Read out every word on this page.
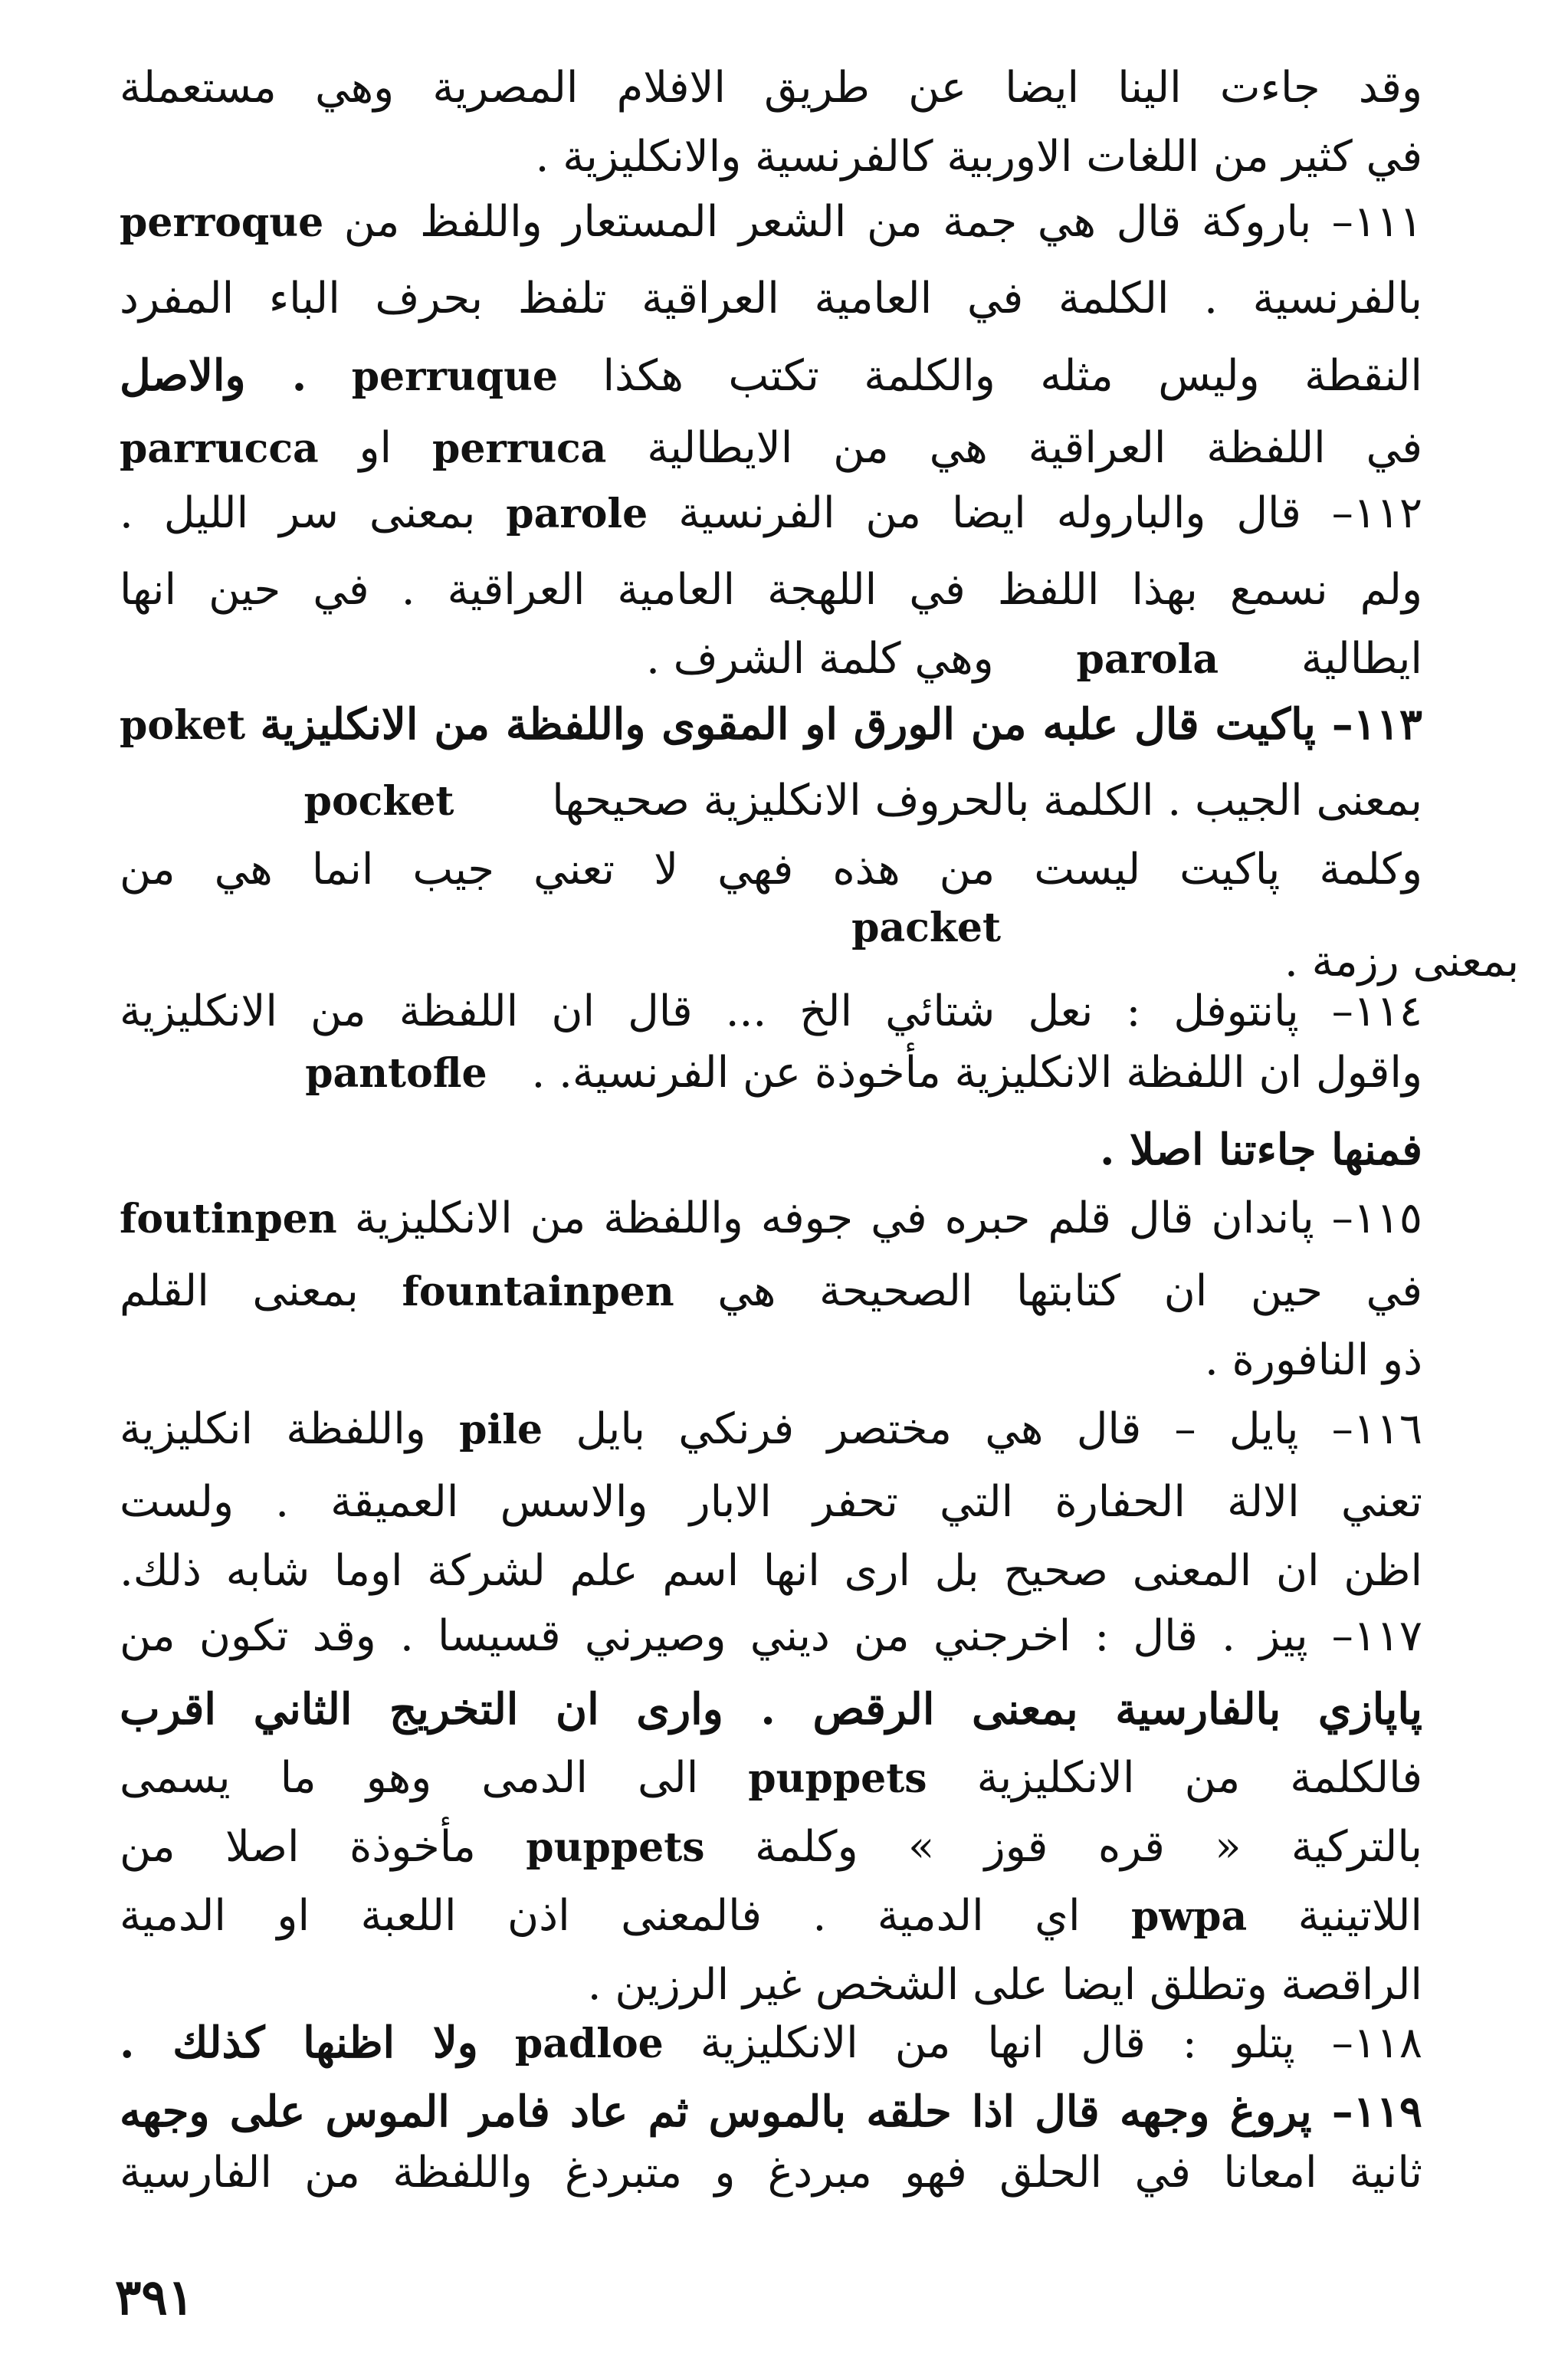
وقد جاءت الينا ايضا عن طريق الافلام المصرية وهي مستعملة
في كثير من اللغات الاوربية كالفرنسية والانكليزية .
١١١– باروكة قال هي جمة من الشعر المستعار واللفظ من perroque
بالفرنسية . الكلمة في العامية العراقية تلفظ بحرف الباء المفرد
النقطة وليس مثله والكلمة تكتب هكذا perruque . والاصل
في اللفظة العراقية هي من الايطالية perruca او parrucca
١١٢– قال والباروله ايضا من الفرنسية parole بمعنى سر الليل .
ولم نسمع بهذا اللفظ في اللهجة العامية العراقية . في حين انها
ايطالية parola وهي كلمة الشرف .
١١٣– پاكيت قال علبه من الورق او المقوى واللفظة من الانكليزية poket
بمعنى الجيب . الكلمة بالحروف الانكليزية صحيحها pocket
وكلمة پاكيت ليست من هذه فهي لا تعني جيب انما هي من
packet
بمعنى رزمة .
١١٤– پانتوفل : نعل شتائي الخ ... قال ان اللفظة من الانكليزية
واقول ان اللفظة الانكليزية مأخوذة عن الفرنسية. . pantofle
فمنها جاءتنا اصلا .
١١٥– پاندان قال قلم حبره في جوفه واللفظة من الانكليزية foutinpen
في حين ان كتابتها الصحيحة هي fountainpen بمعنى القلم
ذو النافورة .
١١٦– پايل – قال هي مختصر فرنكي بايل pile واللفظة انكليزية
تعني الالة الحفارة التي تحفر الابار والاسس العميقة . ولست
اظن ان المعنى صحيح بل ارى انها اسم علم لشركة اوما شابه ذلك.
١١٧– پيز . قال : اخرجني من ديني وصيرني قسيسا . وقد تكون من
پاپازي بالفارسية بمعنى الرقص . وارى ان التخريج الثاني اقرب
فالكلمة من الانكليزية puppets الى الدمى وهو ما يسمى
بالتركية « قره قوز » وكلمة puppets مأخوذة اصلا من
اللاتينية pwpa اي الدمية . فالمعنى اذن اللعبة او الدمية
الراقصة وتطلق ايضا على الشخص غير الرزين .
١١٨– پتلو : قال انها من الانكليزية padloe ولا اظنها كذلك .
١١٩– پروغ وجهه قال اذا حلقه بالموس ثم عاد فامر الموس على وجهه
ثانية امعانا في الحلق فهو مبردغ و متبردغ واللفظة من الفارسية
٣٩١
